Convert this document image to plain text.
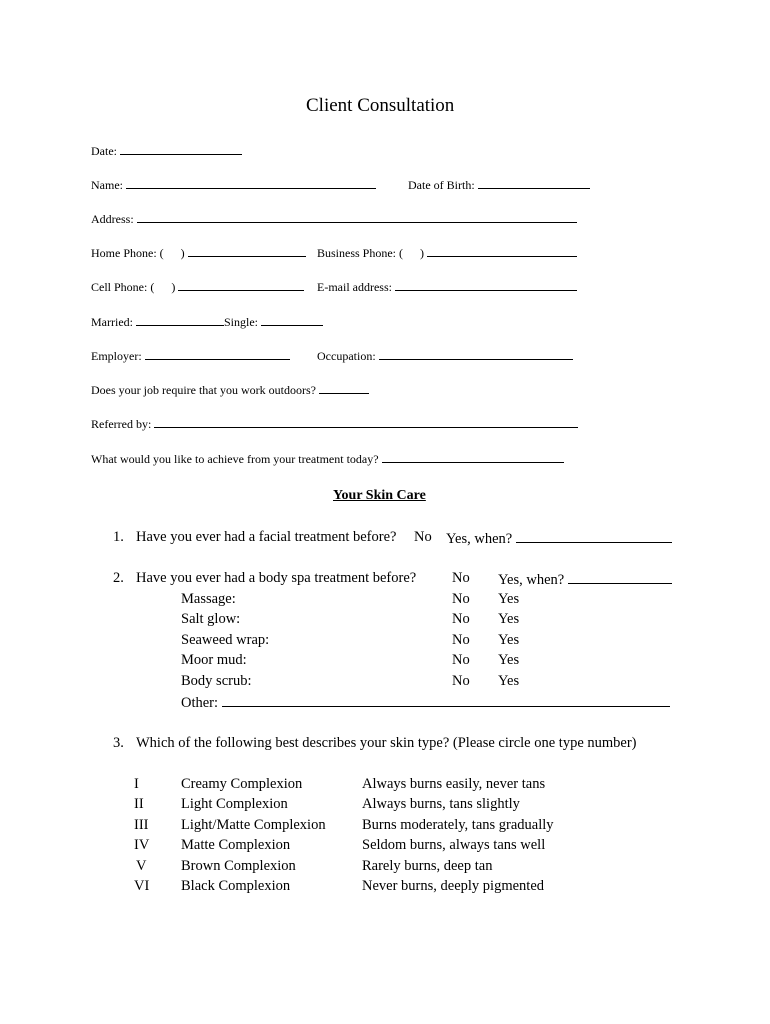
Client Consultation
Date:
Name:	Date of Birth:
Address:
Home Phone: ( )	Business Phone: ( )
Cell Phone: ( )	E-mail address:
Married:	Single:
Employer:	Occupation:
Does your job require that you work outdoors?
Referred by:
What would you like to achieve from your treatment today?
Your Skin Care
1. Have you ever had a facial treatment before? No Yes, when?
2. Have you ever had a body spa treatment before? No Yes, when?
Massage:	No Yes
Salt glow:	No Yes
Seaweed wrap:	No Yes
Moor mud:	No Yes
Body scrub:	No Yes
Other:
3. Which of the following best describes your skin type? (Please circle one type number)
I	Creamy Complexion	Always burns easily, never tans
II	Light Complexion	Always burns, tans slightly
III Light/Matte Complexion	Burns moderately, tans gradually
IV Matte Complexion	Seldom burns, always tans well
V Brown Complexion	Rarely burns, deep tan
VI Black Complexion	Never burns, deeply pigmented
